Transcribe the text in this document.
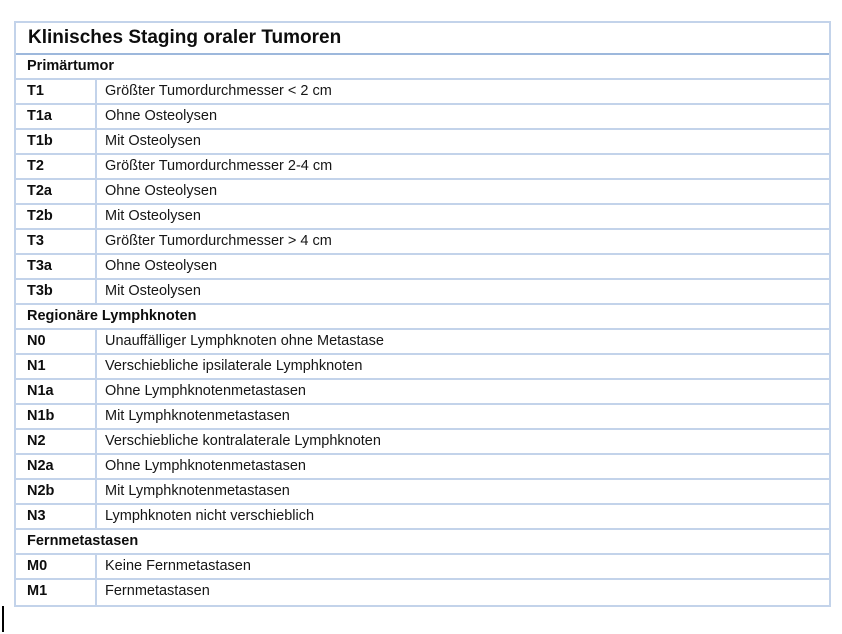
Klinisches Staging oraler Tumoren
Primärtumor
T1	Größter Tumordurchmesser < 2 cm
T1a	Ohne Osteolysen
T1b	Mit Osteolysen
T2	Größter Tumordurchmesser 2-4 cm
T2a	Ohne Osteolysen
T2b	Mit Osteolysen
T3	Größter Tumordurchmesser > 4 cm
T3a	Ohne Osteolysen
T3b	Mit Osteolysen
Regionäre Lymphknoten
N0	Unauffälliger Lymphknoten ohne Metastase
N1	Verschiebliche ipsilaterale Lymphknoten
N1a	Ohne Lymphknotenmetastasen
N1b	Mit Lymphknotenmetastasen
N2	Verschiebliche kontralaterale Lymphknoten
N2a	Ohne Lymphknotenmetastasen
N2b	Mit Lymphknotenmetastasen
N3	Lymphknoten nicht verschieblich
Fernmetastasen
M0	Keine Fernmetastasen
M1	Fernmetastasen
